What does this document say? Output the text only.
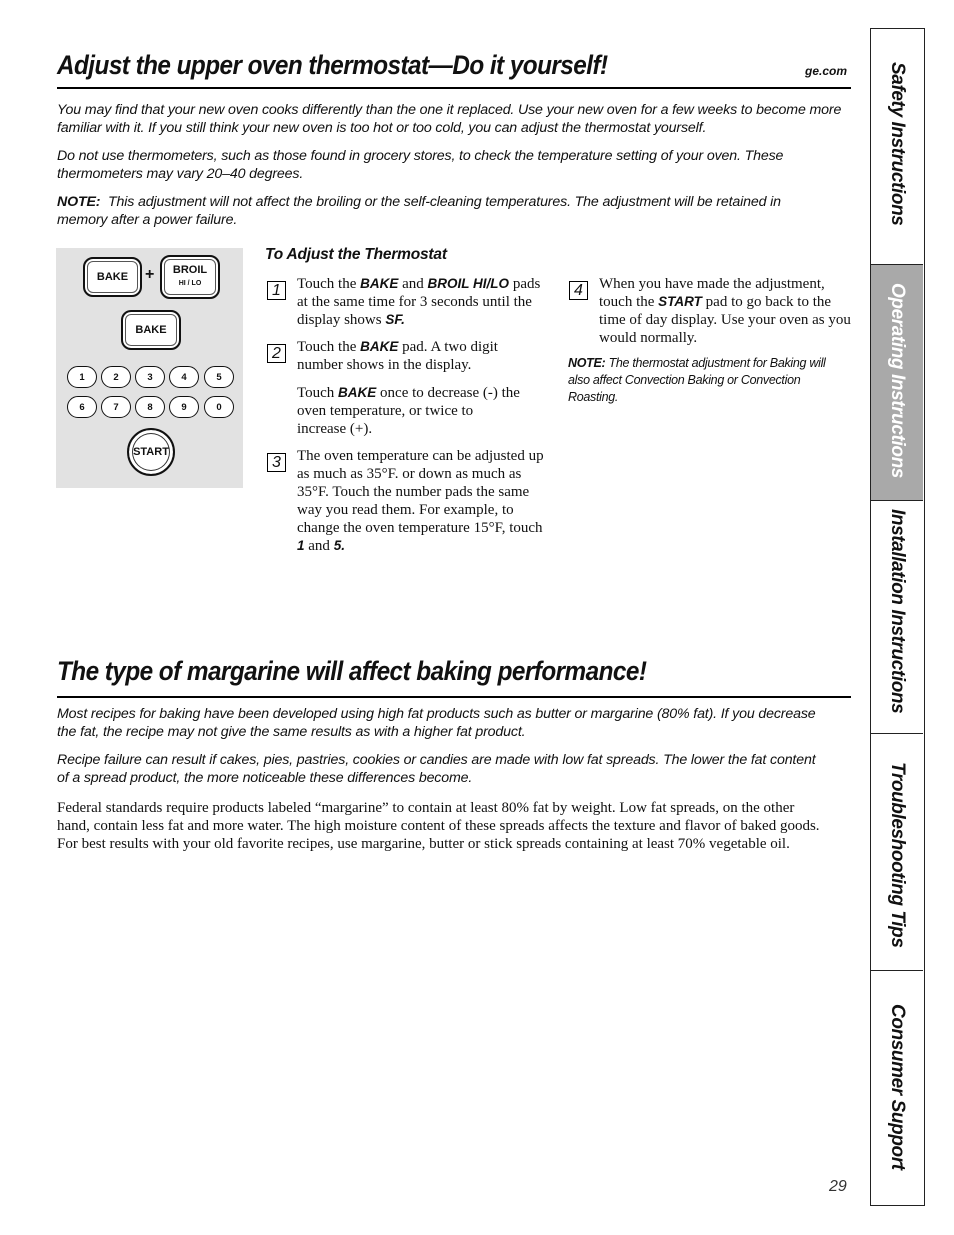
Adjust the upper oven thermostat—Do it yourself!	ge.com

You may find that your new oven cooks differently than the one it replaced. Use your new oven for a few weeks to become more familiar with it. If you still think your new oven is too hot or too cold, you can adjust the thermostat yourself.

Do not use thermometers, such as those found in grocery stores, to check the temperature setting of your oven. These thermometers may vary 20–40 degrees.

NOTE: This adjustment will not affect the broiling or the self-cleaning temperatures. The adjustment will be retained in memory after a power failure.

BAKE + BROIL
HI / LO
BAKE
1	2	3	4	5
6	7	8	9	0
START
To Adjust the Thermostat
1	Touch the BAKE and BROIL HI/LO pads at the same time for 3 seconds until the display shows SF.

2	Touch the BAKE pad. A two digit number shows in the display.

Touch BAKE once to decrease (-) the oven temperature, or twice to increase (+).

3	The oven temperature can be adjusted up as much as 35°F. or down as much as 35°F. Touch the number pads the same way you read them. For example, to change the oven temperature 15°F, touch 1 and 5.

4	When you have made the adjustment, touch the START pad to go back to the time of day display. Use your oven as you would normally.

NOTE: The thermostat adjustment for Baking will also affect Convection Baking or Convection Roasting.
The type of margarine will affect baking performance!

Most recipes for baking have been developed using high fat products such as butter or margarine (80% fat). If you decrease the fat, the recipe may not give the same results as with a higher fat product.

Recipe failure can result if cakes, pies, pastries, cookies or candies are made with low fat spreads. The lower the fat content of a spread product, the more noticeable these differences become.

Federal standards require products labeled “margarine” to contain at least 80% fat by weight. Low fat spreads, on the other hand, contain less fat and more water. The high moisture content of these spreads affects the texture and flavor of baked goods. For best results with your old favorite recipes, use margarine, butter or stick spreads containing at least 70% vegetable oil.
Safety Instructions
Operating Instructions
Installation Instructions
Troubleshooting Tips
Consumer Support
29
